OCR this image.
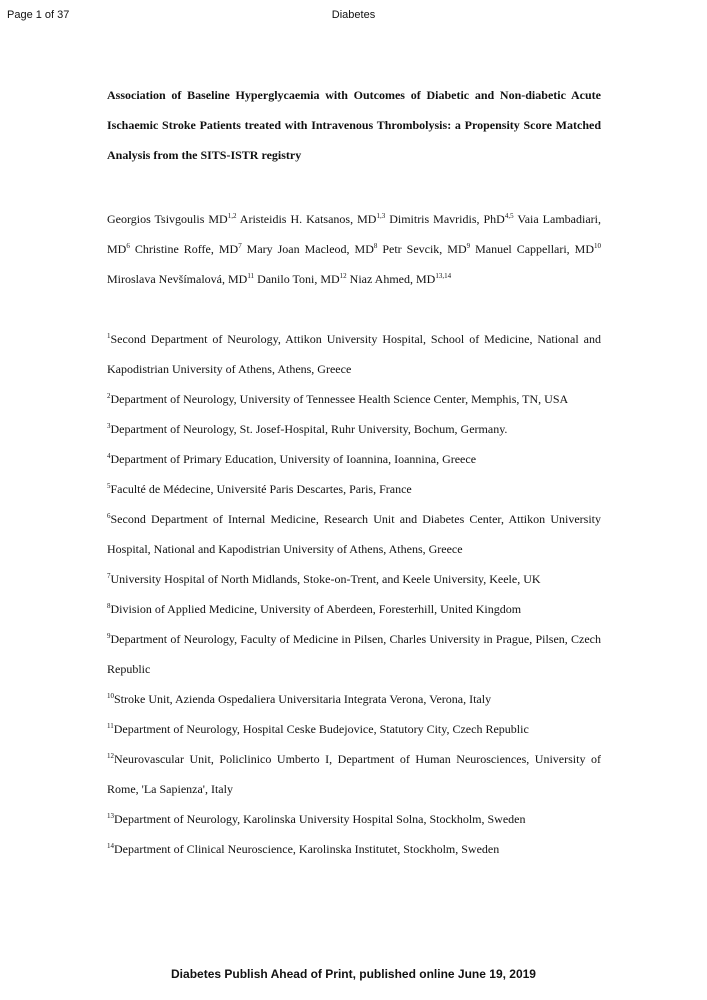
Page 1 of 37	Diabetes

Association of Baseline Hyperglycaemia with Outcomes of Diabetic and Non-diabetic Acute Ischaemic Stroke Patients treated with Intravenous Thrombolysis: a Propensity Score Matched Analysis from the SITS-ISTR registry

Georgios Tsivgoulis MD$^{1,2}$ Aristeidis H. Katsanos, MD$^{1,3}$ Dimitris Mavridis, PhD$^{4,5}$ Vaia Lambadiari, $MD^6$ Christine Roffe, $MD^7$ Mary Joan Macleod, $MD^8$ Petr Sevcik, $MD^9$ Manuel Cappellari, MD$^{10}$ Miroslava Nevšímalová, MD$^{11}$ Danilo Toni, MD$^{12}$ Niaz Ahmed, MD$^{13,14}$
$^1$Second Department of Neurology, Attikon University Hospital, School of Medicine, National and Kapodistrian University of Athens, Athens, Greece
$^2$Department of Neurology, University of Tennessee Health Science Center, Memphis, TN, USA
$^3$Department of Neurology, St. Josef-Hospital, Ruhr University, Bochum, Germany.
$^4$Department of Primary Education, University of Ioannina, Ioannina, Greece
$^5$Faculté de Médecine, Université Paris Descartes, Paris, France
$^6$Second Department of Internal Medicine, Research Unit and Diabetes Center, Attikon University Hospital, National and Kapodistrian University of Athens, Athens, Greece
$^7$University Hospital of North Midlands, Stoke-on-Trent, and Keele University, Keele, UK
$^8$Division of Applied Medicine, University of Aberdeen, Foresterhill, United Kingdom
$^9$Department of Neurology, Faculty of Medicine in Pilsen, Charles University in Prague, Pilsen, Czech Republic
$^{10}$Stroke Unit, Azienda Ospedaliera Universitaria Integrata Verona, Verona, Italy
$^{11}$Department of Neurology, Hospital Ceske Budejovice, Statutory City, Czech Republic
$^{12}$Neurovascular Unit, Policlinico Umberto I, Department of Human Neurosciences, University of Rome, 'La Sapienza', Italy
$^{13}$Department of Neurology, Karolinska University Hospital Solna, Stockholm, Sweden
$^{14}$Department of Clinical Neuroscience, Karolinska Institutet, Stockholm, Sweden
Diabetes Publish Ahead of Print, published online June 19, 2019
